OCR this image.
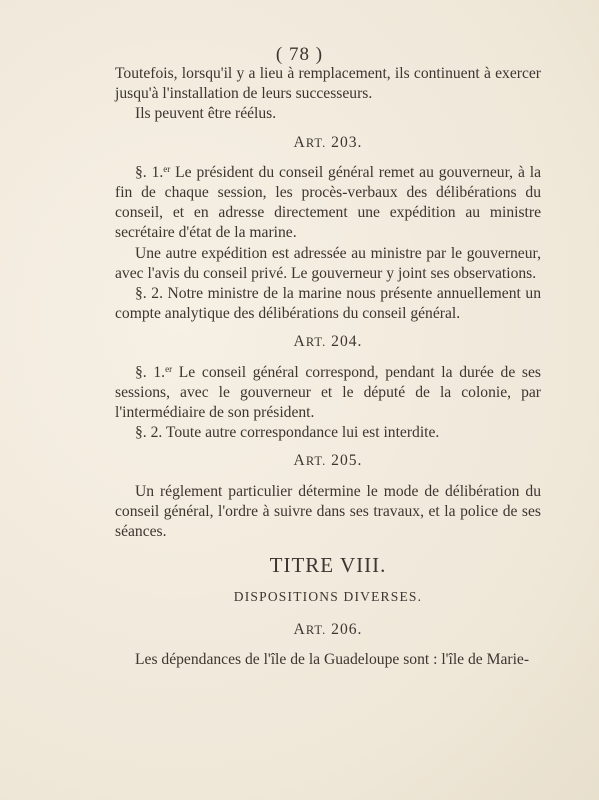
( 78 )

Toutefois, lorsqu'il y a lieu à remplacement, ils continuent à exercer jusqu'à l'installation de leurs successeurs.

Ils peuvent être réélus.

ART. 203.

§. 1.$^{er}$ Le président du conseil général remet au gouverneur, à la fin de chaque session, les procès-verbaux des délibérations du conseil, et en adresse directement une expédition au ministre secrétaire d'état de la marine.

Une autre expédition est adressée au ministre par le gouverneur, avec l'avis du conseil privé. Le gouverneur y joint ses observations.

§. 2. Notre ministre de la marine nous présente annuellement un compte analytique des délibérations du conseil général.

ART. 204.

§. 1.$^{er}$ Le conseil général correspond, pendant la durée de ses sessions, avec le gouverneur et le député de la colonie, par l'intermédiaire de son président.

§. 2. Toute autre correspondance lui est interdite.

ART. 205.

Un réglement particulier détermine le mode de délibération du conseil général, l'ordre à suivre dans ses travaux, et la police de ses séances.

TITRE VIII.
DISPOSITIONS DIVERSES.
ART. 206.

Les dépendances de l'île de la Guadeloupe sont : l'île de Marie-
